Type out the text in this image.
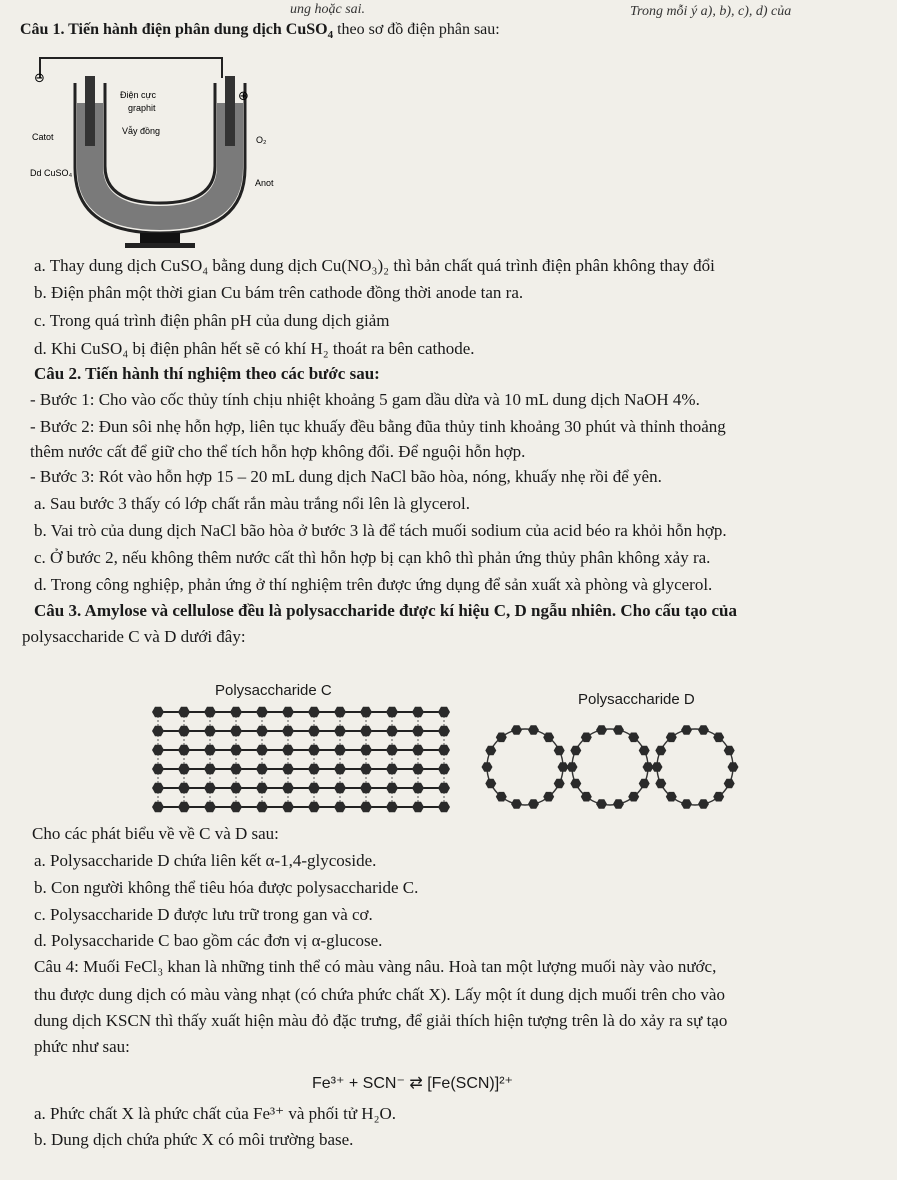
ung hoặc sai.	Trong mỗi ý a), b), c), d) của
Câu 1. Tiến hành điện phân dung dịch CuSO$_4$ theo sơ đồ điện phân sau:
⊖
⊕
Điện cực
graphit
Vẫy đồng
O₂
Catot
Dd CuSO₄
Anot
a. Thay dung dịch CuSO₄ bằng dung dịch Cu(NO₃)₂ thì bản chất quá trình điện phân không thay đổi
b. Điện phân một thời gian Cu bám trên cathode đồng thời anode tan ra.
c. Trong quá trình điện phân pH của dung dịch giảm
d. Khi CuSO₄ bị điện phân hết sẽ có khí H₂ thoát ra bên cathode.
Câu 2. Tiến hành thí nghiệm theo các bước sau:
- Bước 1: Cho vào cốc thủy tính chịu nhiệt khoảng 5 gam dầu dừa và 10 mL dung dịch NaOH 4%.
- Bước 2: Đun sôi nhẹ hỗn hợp, liên tục khuấy đều bằng đũa thủy tinh khoảng 30 phút và thỉnh thoảng
thêm nước cất để giữ cho thể tích hỗn hợp không đổi. Để nguội hỗn hợp.
- Bước 3: Rót vào hỗn hợp 15 – 20 mL dung dịch NaCl bão hòa, nóng, khuấy nhẹ rồi để yên.
a. Sau bước 3 thấy có lớp chất rắn màu trắng nổi lên là glycerol.
b. Vai trò của dung dịch NaCl bão hòa ở bước 3 là để tách muối sodium của acid béo ra khỏi hỗn hợp.
c. Ở bước 2, nếu không thêm nước cất thì hỗn hợp bị cạn khô thì phản ứng thủy phân không xảy ra.
d. Trong công nghiệp, phản ứng ở thí nghiệm trên được ứng dụng để sản xuất xà phòng và glycerol.
Câu 3. Amylose và cellulose đều là polysaccharide được kí hiệu C, D ngẫu nhiên. Cho cấu tạo của
polysaccharide C và D dưới đây:
Polysaccharide C
Polysaccharide D
Cho các phát biểu về về C và D sau:
a. Polysaccharide D chứa liên kết α-1,4-glycoside.
b. Con người không thể tiêu hóa được polysaccharide C.
c. Polysaccharide D được lưu trữ trong gan và cơ.
d. Polysaccharide C bao gồm các đơn vị α-glucose.
Câu 4: Muối FeCl₃ khan là những tinh thể có màu vàng nâu. Hoà tan một lượng muối này vào nước,
thu được dung dịch có màu vàng nhạt (có chứa phức chất X). Lấy một ít dung dịch muối trên cho vào
dung dịch KSCN thì thấy xuất hiện màu đỏ đặc trưng, để giải thích hiện tượng trên là do xảy ra sự tạo
phức như sau:
Fe³⁺ + SCN⁻ ⇄ [Fe(SCN)]²⁺
a. Phức chất X là phức chất của Fe³⁺ và phối tử H₂O.
b. Dung dịch chứa phức X có môi trường base.
